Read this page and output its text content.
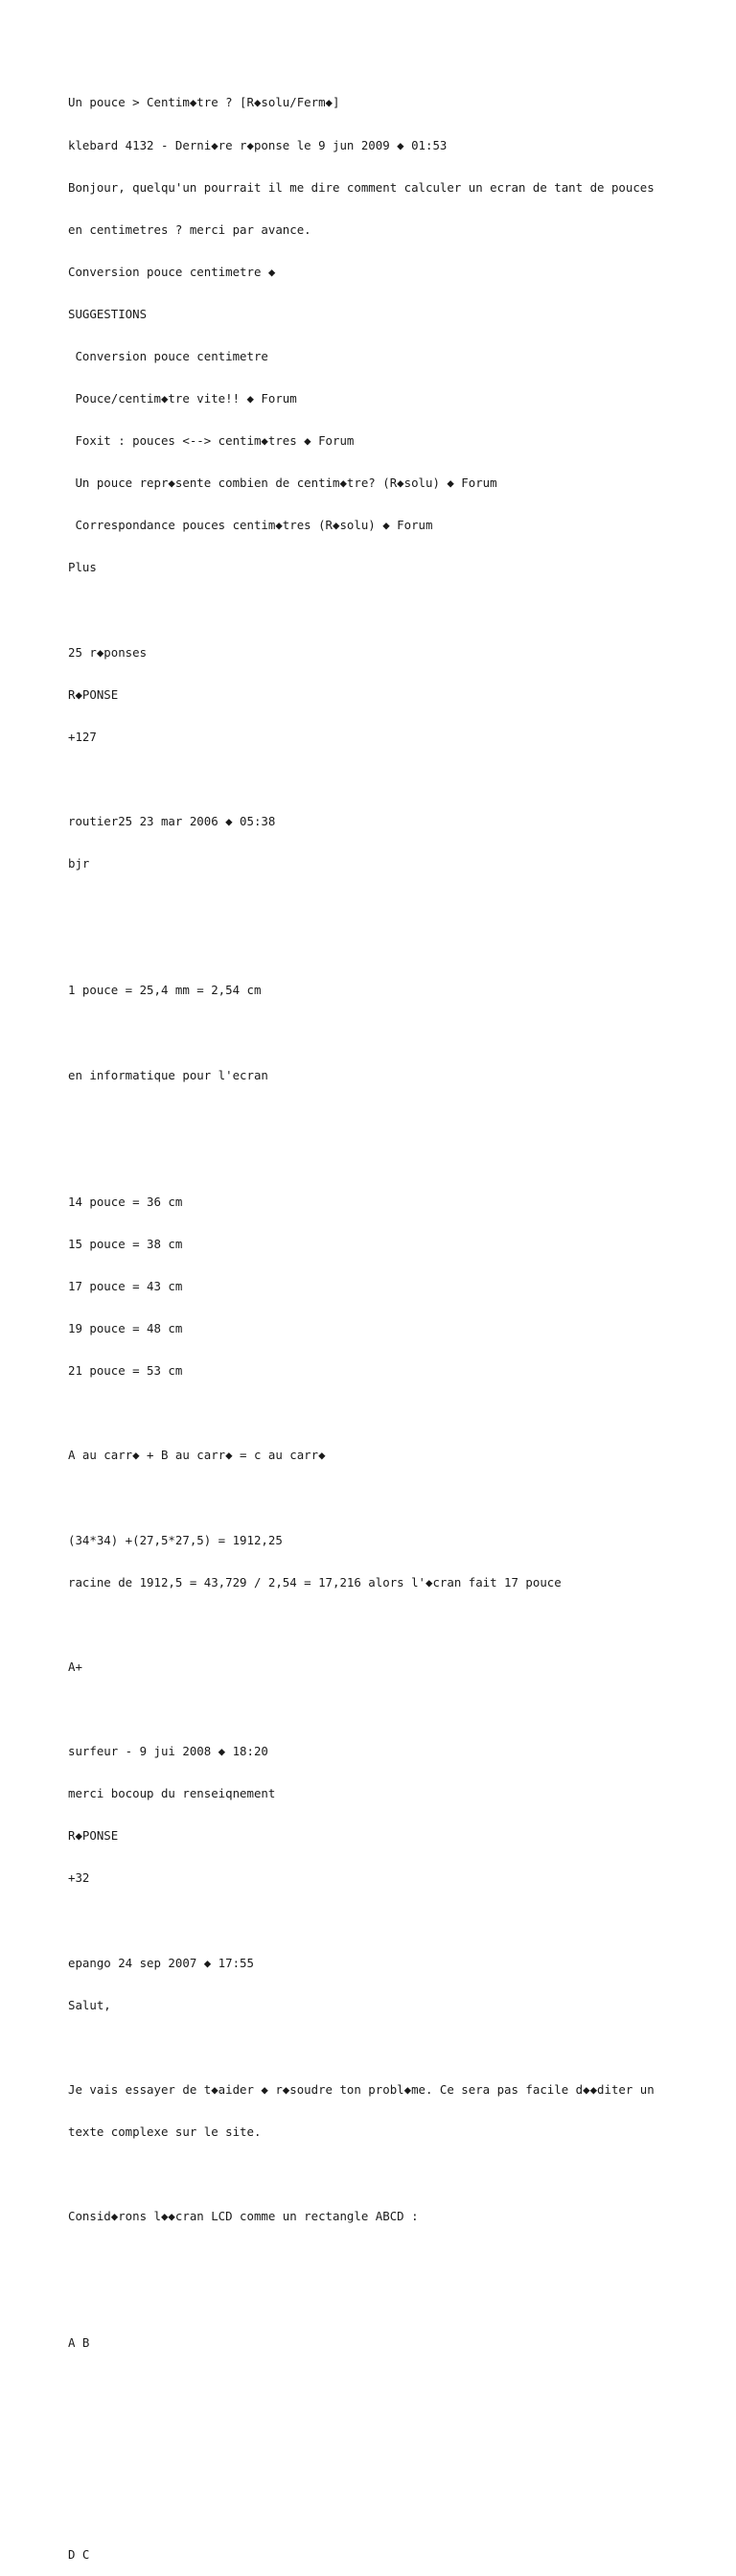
Un pouce > Centim◆tre ? [R◆solu/Ferm◆]

klebard 4132 - Derni◆re r◆ponse le 9 jun 2009 ◆ 01:53

Bonjour, quelqu'un pourrait il me dire comment calculer un ecran de tant de pouces

en centimetres ? merci par avance.

Conversion pouce centimetre ◆

SUGGESTIONS

Conversion pouce centimetre

Pouce/centim◆tre vite!! ◆ Forum

Foxit : pouces <--> centim◆tres ◆ Forum

Un pouce repr◆sente combien de centim◆tre? (R◆solu) ◆ Forum

Correspondance pouces centim◆tres (R◆solu) ◆ Forum

Plus

25 r◆ponses

R◆PONSE

+127

routier25 23 mar 2006 ◆ 05:38

bjr

1 pouce = 25,4 mm = 2,54 cm

en informatique pour l'ecran

14 pouce = 36 cm

15 pouce = 38 cm

17 pouce = 43 cm

19 pouce = 48 cm

21 pouce = 53 cm

A au carr◆ + B au carr◆ = c au carr◆

(34*34) +(27,5*27,5) = 1912,25

racine de 1912,5 = 43,729 / 2,54 = 17,216 alors l'◆cran fait 17 pouce

A+

surfeur - 9 jui 2008 ◆ 18:20

merci bocoup du renseiqnement

R◆PONSE

+32

epango 24 sep 2007 ◆ 17:55

Salut,

Je vais essayer de t◆aider ◆ r◆soudre ton probl◆me. Ce sera pas facile d◆◆diter un

texte complexe sur le site.

Consid◆rons l◆◆cran LCD comme un rectangle ABCD :

A B

D C
